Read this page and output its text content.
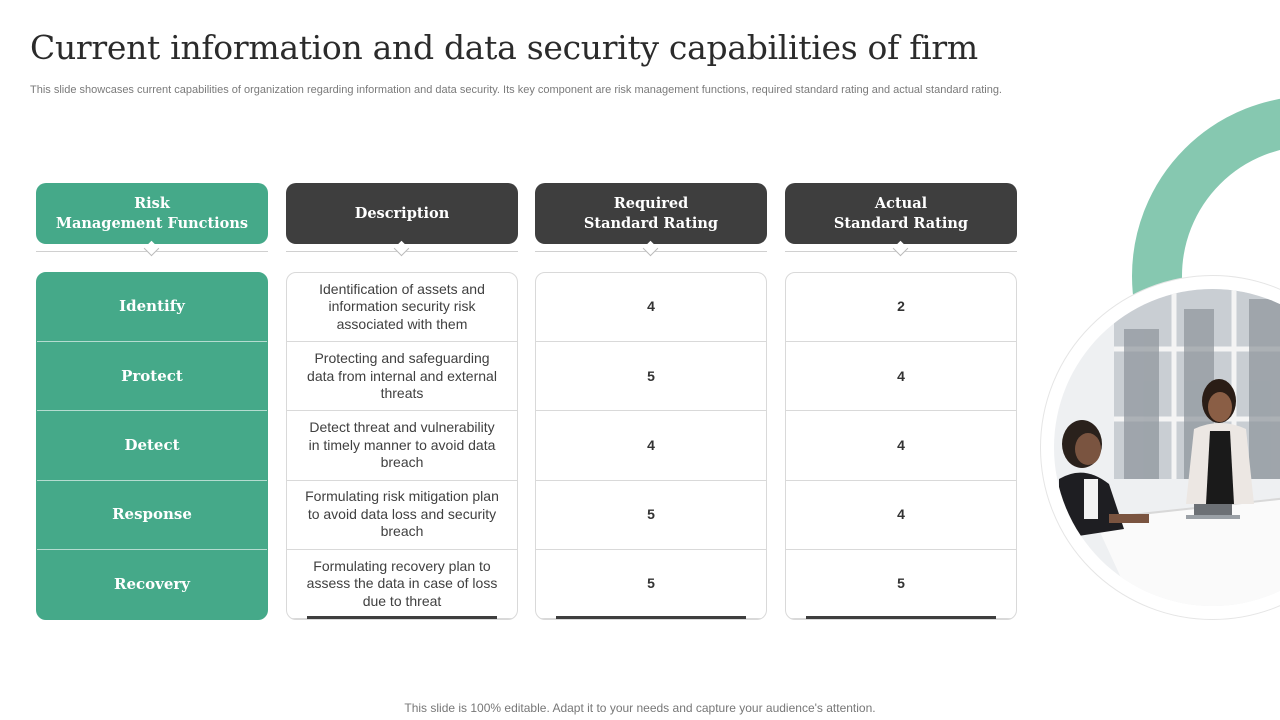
Current information and data security capabilities of firm
This slide showcases current capabilities of organization regarding information and data security. Its key component are risk management functions, required standard rating and actual standard rating.
Risk
Management Functions
Identify
Protect
Detect
Response
Recovery
Description
Identification of assets and information security risk associated with them
Protecting and safeguarding data from internal and external threats
Detect threat and vulnerability in timely manner to avoid data breach
Formulating risk mitigation plan to avoid data loss and security breach
Formulating recovery plan to assess the data in case of loss due to threat
Required
Standard Rating
4
5
4
5
5
Actual
Standard Rating
2
4
4
4
5
This slide is 100% editable. Adapt it to your needs and capture your audience's attention.
